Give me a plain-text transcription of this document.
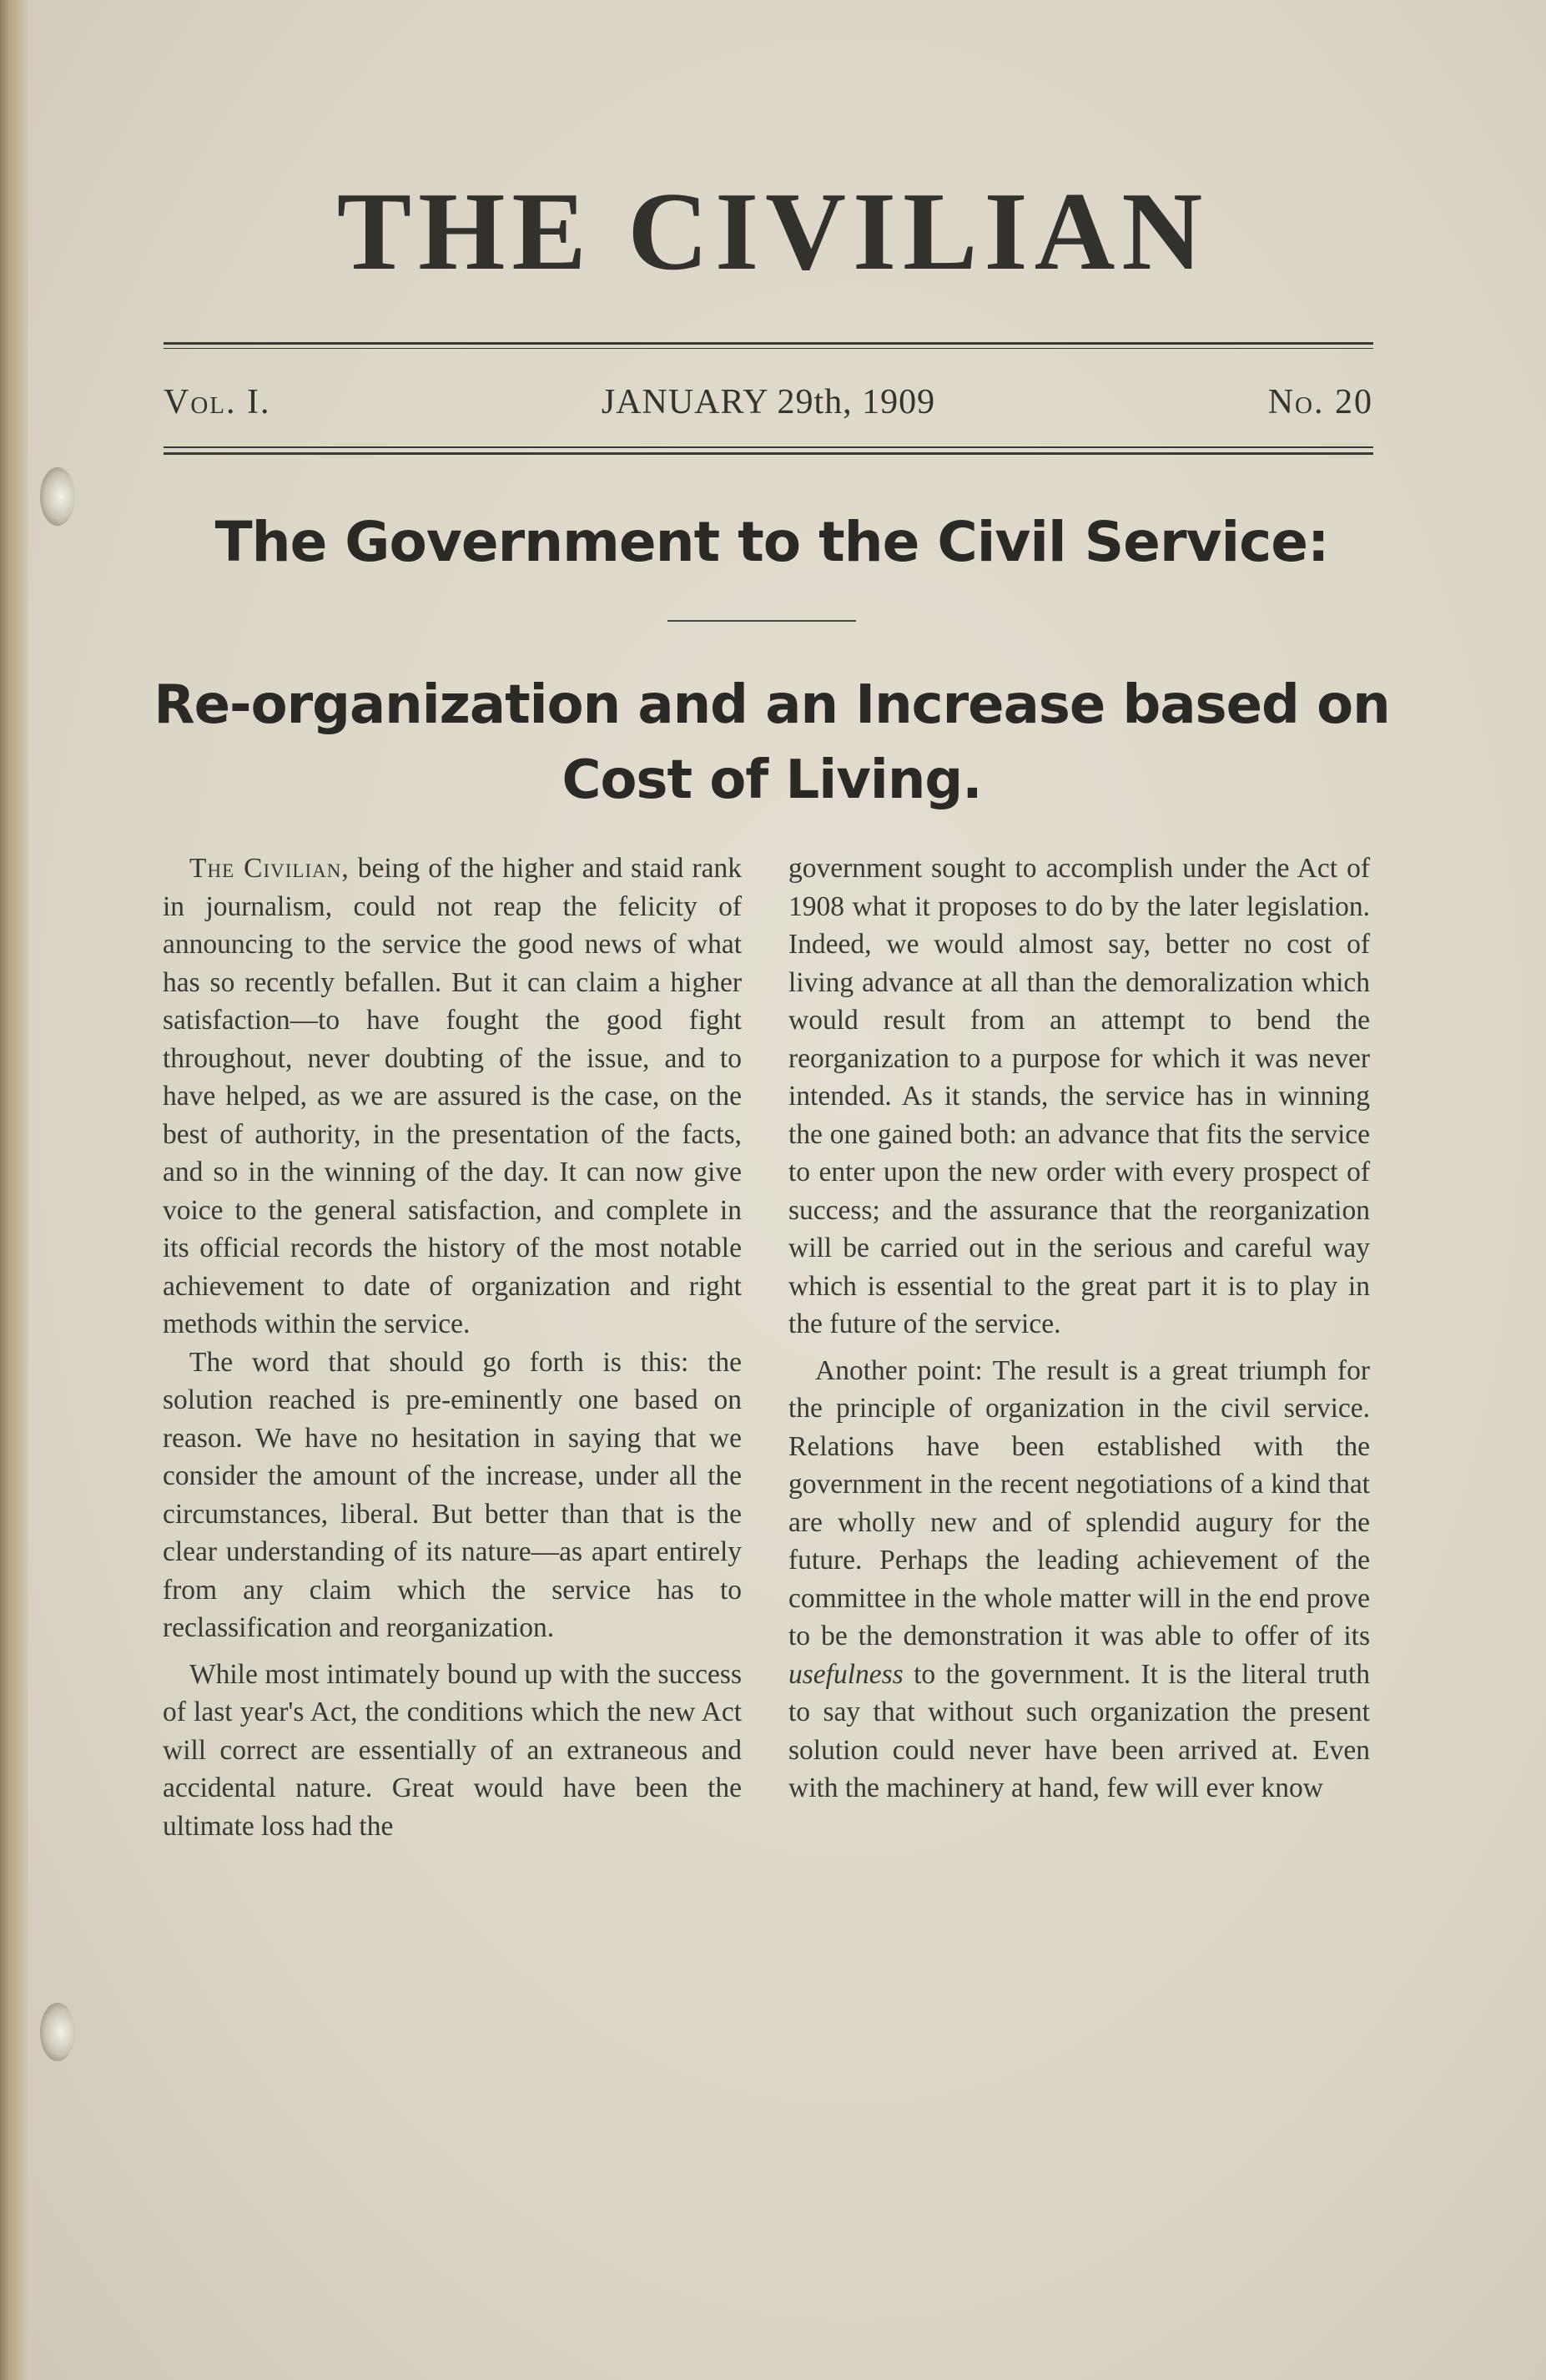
THE CIVILIAN
Vol. I.	JANUARY 29th, 1909	No. 20
The Government to the Civil Service:
Re-organization and an Increase based on Cost of Living.

The Civilian, being of the higher and staid rank in journalism, could not reap the felicity of announcing to the service the good news of what has so recently befallen. But it can claim a higher satisfaction—to have fought the good fight throughout, never doubting of the issue, and to have helped, as we are assured is the case, on the best of authority, in the presentation of the facts, and so in the winning of the day. It can now give voice to the general satisfaction, and complete in its official records the history of the most notable achievement to date of organization and right methods within the service.

The word that should go forth is this: the solution reached is pre-eminently one based on reason. We have no hesitation in saying that we consider the amount of the increase, under all the circumstances, liberal. But better than that is the clear understanding of its nature—as apart entirely from any claim which the service has to reclassification and reorganization.

While most intimately bound up with the success of last year's Act, the conditions which the new Act will correct are essentially of an extraneous and accidental nature. Great would have been the ultimate loss had the

government sought to accomplish under the Act of 1908 what it proposes to do by the later legislation. Indeed, we would almost say, better no cost of living advance at all than the demoralization which would result from an attempt to bend the reorganization to a purpose for which it was never intended. As it stands, the service has in winning the one gained both: an advance that fits the service to enter upon the new order with every prospect of success; and the assurance that the reorganization will be carried out in the serious and careful way which is essential to the great part it is to play in the future of the service.

Another point: The result is a great triumph for the principle of organization in the civil service. Relations have been established with the government in the recent negotiations of a kind that are wholly new and of splendid augury for the future. Perhaps the leading achievement of the committee in the whole matter will in the end prove to be the demonstration it was able to offer of its usefulness to the government. It is the literal truth to say that without such organization the present solution could never have been arrived at. Even with the machinery at hand, few will ever know
